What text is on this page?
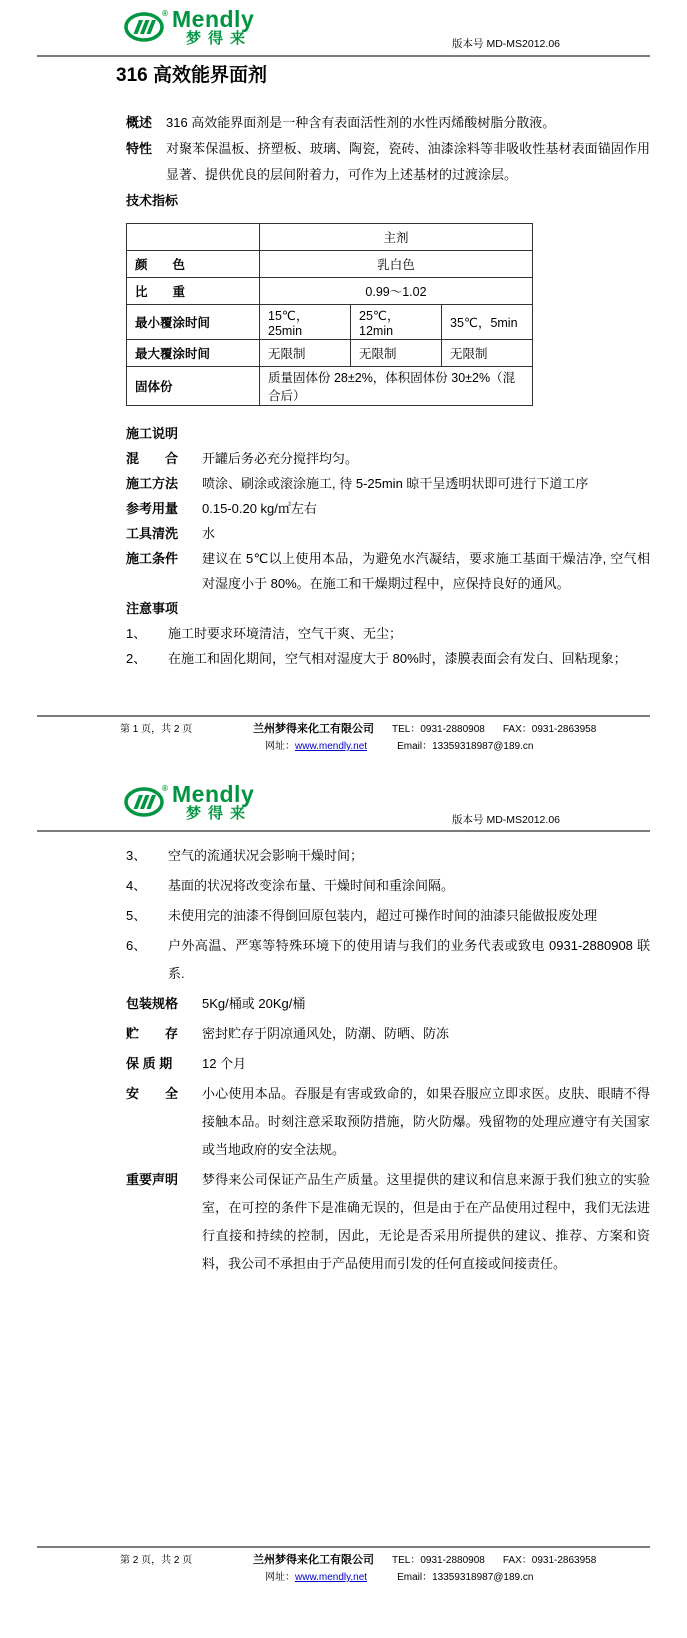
® Mendly
梦得来	版本号 MD-MS2012.06
316 高效能界面剂
概述	316 高效能界面剂是一种含有表面活性剂的水性丙烯酸树脂分散液。
特性	对聚苯保温板、挤塑板、玻璃、陶瓷，瓷砖、油漆涂料等非吸收性基材表面锚固作用显著、提供优良的层间附着力，可作为上述基材的过渡涂层。
技术指标
	主剂		
颜　　色	乳白色		
比　　重	0.99～1.02		
最小覆涂时间	15℃，25min	25℃，12min	35℃，5min
最大覆涂时间	无限制	无限制	无限制
固体份	质量固体份 28±2%，体积固体份 30±2%（混合后）		
施工说明
混　　合	开罐后务必充分搅拌均匀。
施工方法	喷涂、刷涂或滚涂施工, 待 5-25min 晾干呈透明状即可进行下道工序
参考用量	0.15-0.20 kg/㎡左右
工具清洗	水
施工条件	建议在 5℃以上使用本品，为避免水汽凝结，要求施工基面干燥洁净, 空气相对湿度小于 80%。在施工和干燥期过程中，应保持良好的通风。
注意事项
1、	施工时要求环境清洁，空气干爽、无尘；
2、	在施工和固化期间，空气相对湿度大于 80%时，漆膜表面会有发白、回粘现象；
第 1 页，共 2 页	兰州梦得来化工有限公司 TEL：0931-2880908 FAX：0931-2863958
网址：www.mendly.net	Email：13359318987@189.cn
® Mendly
梦得来	版本号 MD-MS2012.06
3、	空气的流通状况会影响干燥时间；
4、	基面的状况将改变涂布量、干燥时间和重涂间隔。
5、	未使用完的油漆不得倒回原包装内，超过可操作时间的油漆只能做报废处理
6、	户外高温、严寒等特殊环境下的使用请与我们的业务代表或致电 0931-2880908 联系.
包装规格	5Kg/桶或 20Kg/桶
贮　　存	密封贮存于阴凉通风处，防潮、防晒、防冻
保 质 期	12 个月
安　　全	小心使用本品。吞服是有害或致命的，如果吞服应立即求医。皮肤、眼睛不得接触本品。时刻注意采取预防措施，防火防爆。残留物的处理应遵守有关国家或当地政府的安全法规。
重要声明	梦得来公司保证产品生产质量。这里提供的建议和信息来源于我们独立的实验室，在可控的条件下是准确无误的，但是由于在产品使用过程中，我们无法进行直接和持续的控制，因此，无论是否采用所提供的建议、推荐、方案和资料，我公司不承担由于产品使用而引发的任何直接或间接责任。
第 2 页，共 2 页	兰州梦得来化工有限公司 TEL：0931-2880908 FAX：0931-2863958
网址：www.mendly.net	Email：13359318987@189.cn
